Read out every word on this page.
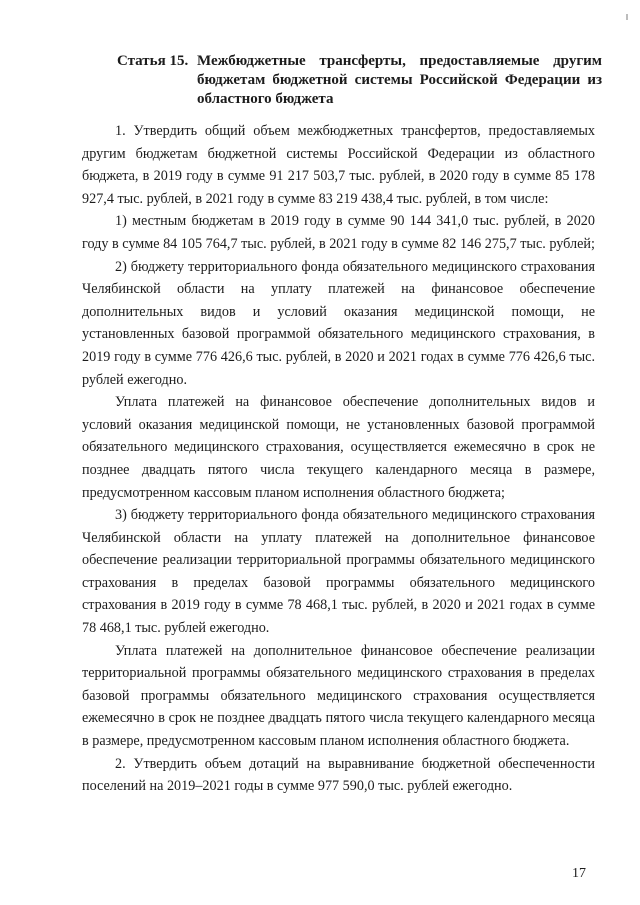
Статья 15. Межбюджетные трансферты, предоставляемые другим бюджетам бюджетной системы Российской Федерации из областного бюджета

1. Утвердить общий объем межбюджетных трансфертов, предоставляемых другим бюджетам бюджетной системы Российской Федерации из областного бюджета, в 2019 году в сумме 91 217 503,7 тыс. рублей, в 2020 году в сумме 85 178 927,4 тыс. рублей, в 2021 году в сумме 83 219 438,4 тыс. рублей, в том числе:

1) местным бюджетам в 2019 году в сумме 90 144 341,0 тыс. рублей, в 2020 году в сумме 84 105 764,7 тыс. рублей, в 2021 году в сумме 82 146 275,7 тыс. рублей;

2) бюджету территориального фонда обязательного медицинского страхования Челябинской области на уплату платежей на финансовое обеспечение дополнительных видов и условий оказания медицинской помощи, не установленных базовой программой обязательного медицинского страхования, в 2019 году в сумме 776 426,6 тыс. рублей, в 2020 и 2021 годах в сумме 776 426,6 тыс. рублей ежегодно.

Уплата платежей на финансовое обеспечение дополнительных видов и условий оказания медицинской помощи, не установленных базовой программой обязательного медицинского страхования, осуществляется ежемесячно в срок не позднее двадцать пятого числа текущего календарного месяца в размере, предусмотренном кассовым планом исполнения областного бюджета;

3) бюджету территориального фонда обязательного медицинского страхования Челябинской области на уплату платежей на дополнительное финансовое обеспечение реализации территориальной программы обязательного медицинского страхования в пределах базовой программы обязательного медицинского страхования в 2019 году в сумме 78 468,1 тыс. рублей, в 2020 и 2021 годах в сумме 78 468,1 тыс. рублей ежегодно.

Уплата платежей на дополнительное финансовое обеспечение реализации территориальной программы обязательного медицинского страхования в пределах базовой программы обязательного медицинского страхования осуществляется ежемесячно в срок не позднее двадцать пятого числа текущего календарного месяца в размере, предусмотренном кассовым планом исполнения областного бюджета.

2. Утвердить объем дотаций на выравнивание бюджетной обеспеченности поселений на 2019–2021 годы в сумме 977 590,0 тыс. рублей ежегодно.

17
